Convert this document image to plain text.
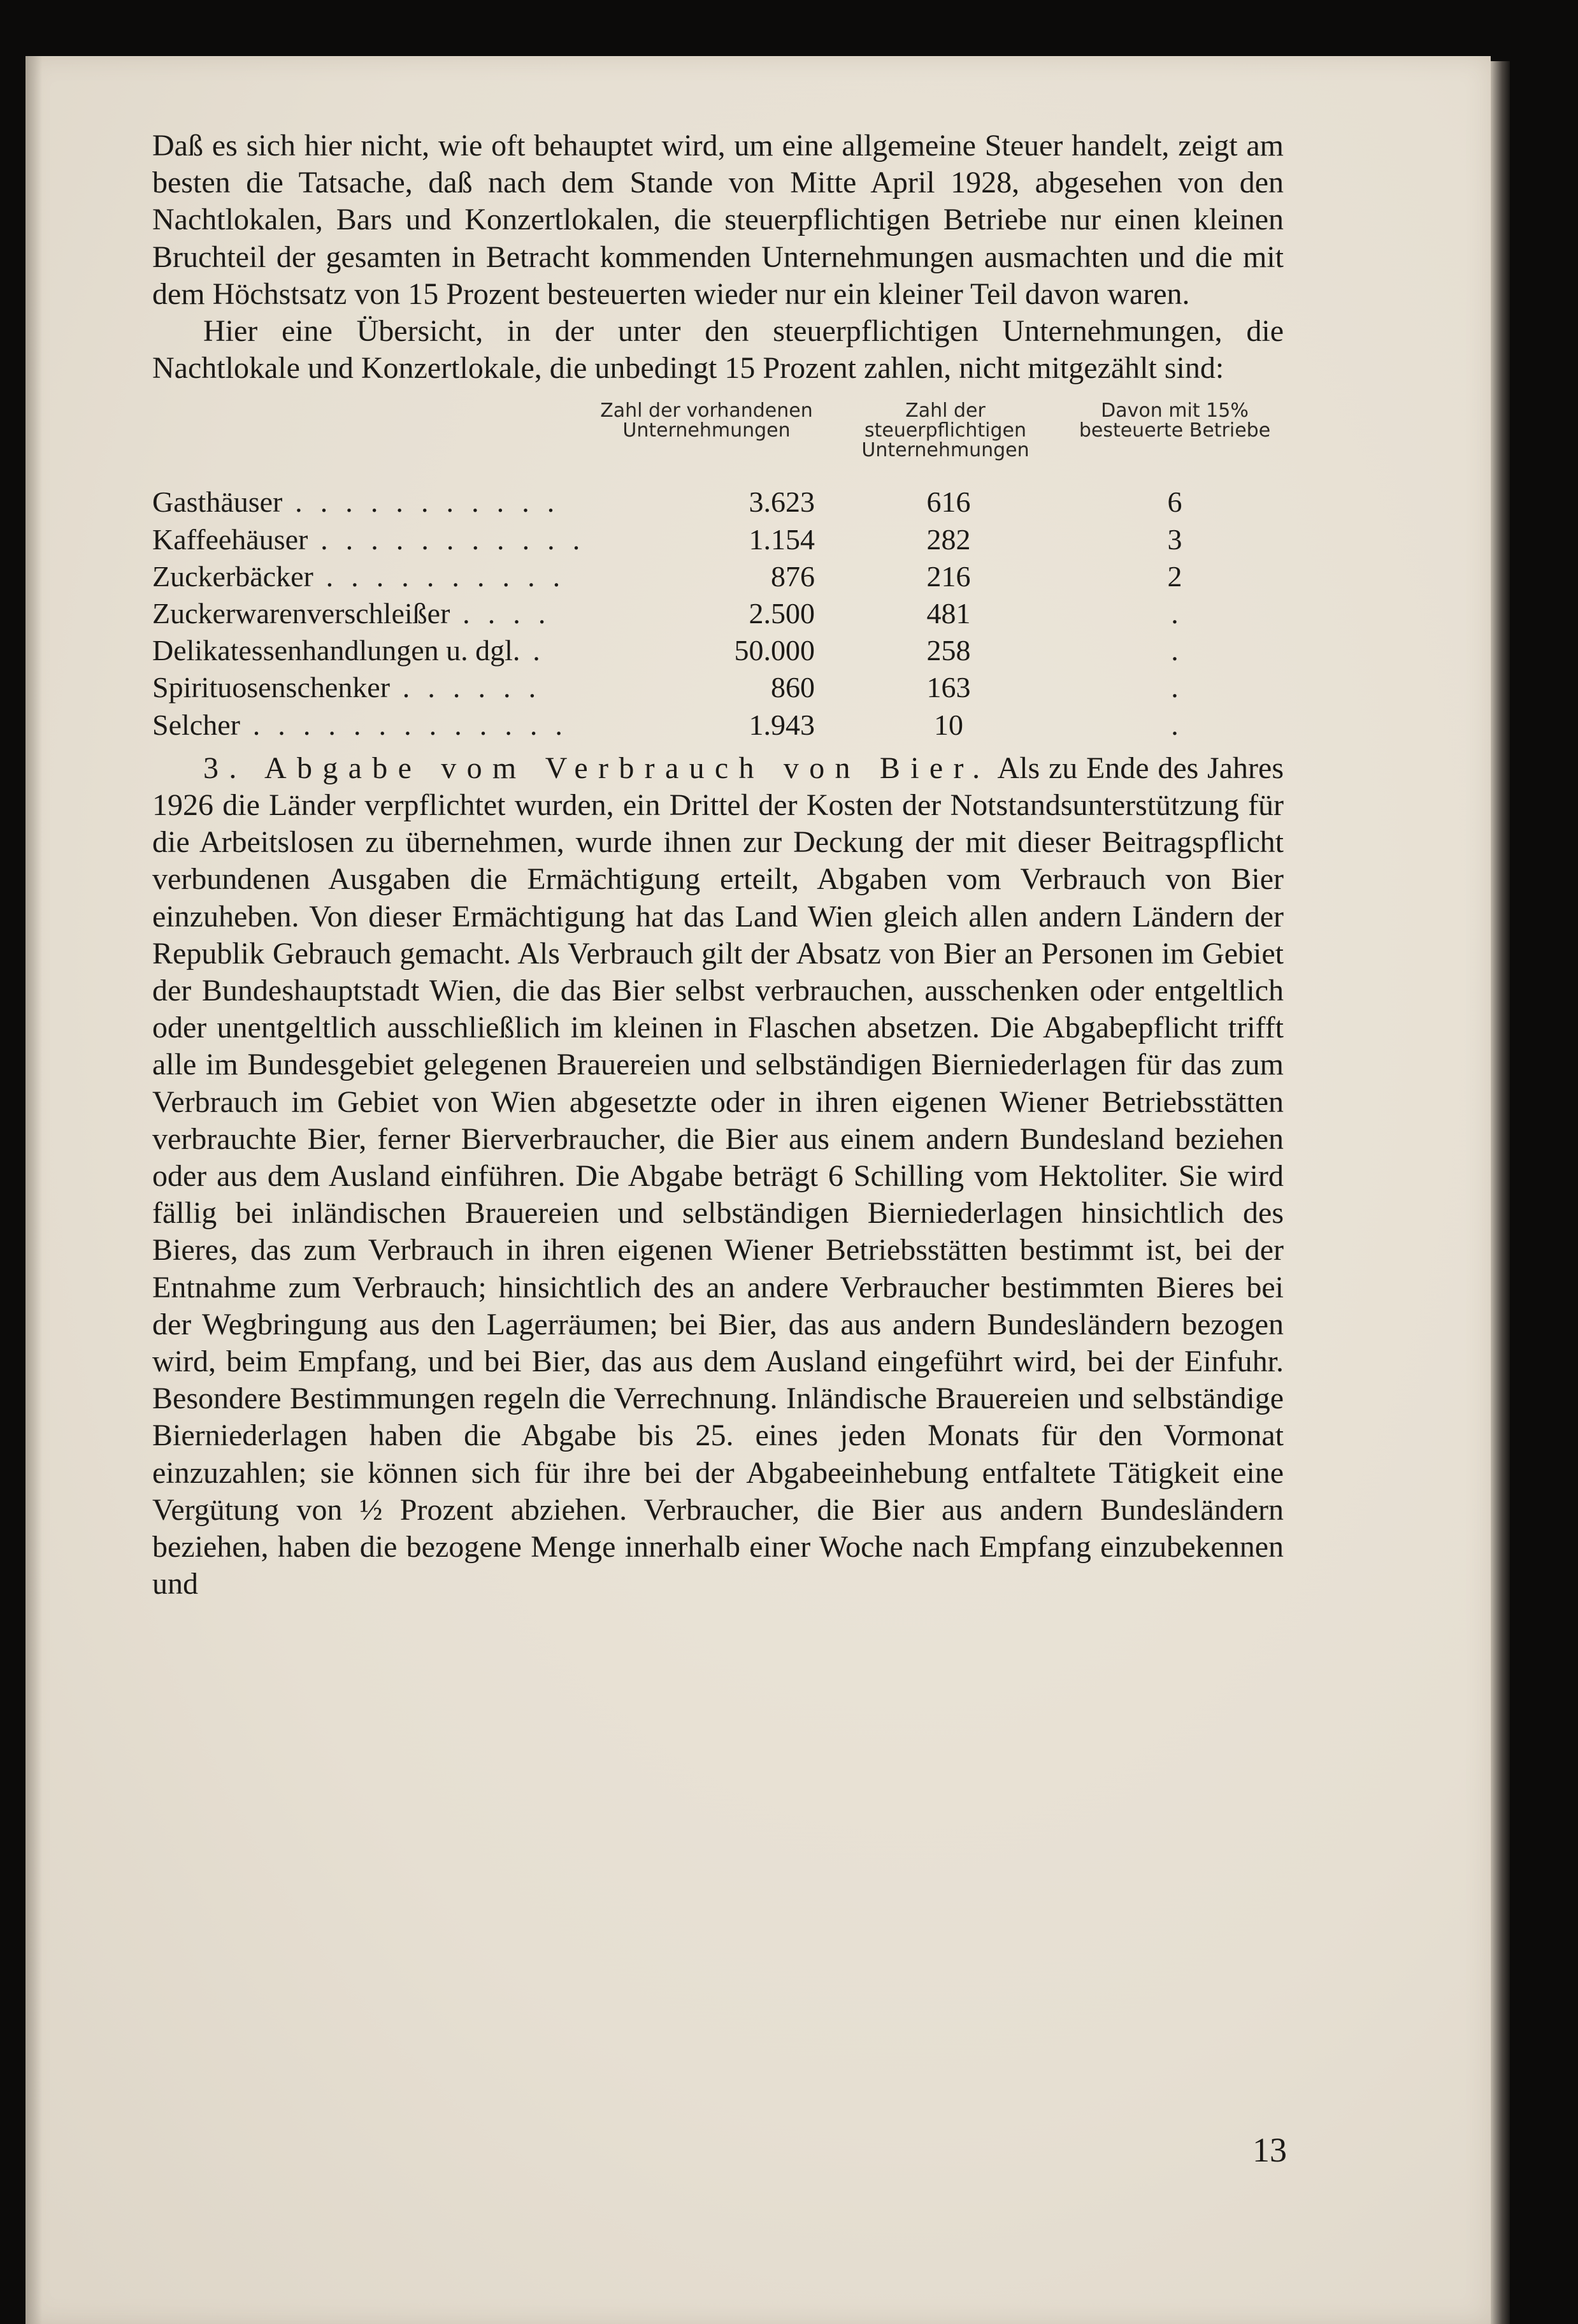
Daß es sich hier nicht, wie oft behauptet wird, um eine allgemeine Steuer handelt, zeigt am besten die Tatsache, daß nach dem Stande von Mitte April 1928, abgesehen von den Nachtlokalen, Bars und Konzertlokalen, die steuerpflichtigen Betriebe nur einen kleinen Bruchteil der gesamten in Betracht kommenden Unternehmungen ausmachten und die mit dem Höchstsatz von 15 Prozent besteuerten wieder nur ein kleiner Teil davon waren.

Hier eine Übersicht, in der unter den steuerpflichtigen Unternehmungen, die Nachtlokale und Konzertlokale, die unbedingt 15 Prozent zahlen, nicht mitgezählt sind:

Zahl der vorhandenen Unternehmungen
Zahl der steuerpflichtigen Unternehmungen
Davon mit 15% besteuerte Betriebe
Gasthäuser . . . . . . . . . . .	3.623	616	6
Kaffeehäuser . . . . . . . . . . .	1.154	282	3
Zuckerbäcker . . . . . . . . . .	876	216	2
Zuckerwarenverschleißer . . . .	2.500	481	.
Delikatessenhandlungen u. dgl. .	50.000	258	.
Spirituosenschenker . . . . . .	860	163	.
Selcher . . . . . . . . . . . . .	1.943	10	.

3. Abgabe vom Verbrauch von Bier. Als zu Ende des Jahres 1926 die Länder verpflichtet wurden, ein Drittel der Kosten der Notstandsunterstützung für die Arbeitslosen zu übernehmen, wurde ihnen zur Deckung der mit dieser Beitragspflicht verbundenen Ausgaben die Ermächtigung erteilt, Abgaben vom Verbrauch von Bier einzuheben. Von dieser Ermächtigung hat das Land Wien gleich allen andern Ländern der Republik Gebrauch gemacht. Als Verbrauch gilt der Absatz von Bier an Personen im Gebiet der Bundeshauptstadt Wien, die das Bier selbst verbrauchen, ausschenken oder entgeltlich oder unentgeltlich ausschließlich im kleinen in Flaschen absetzen. Die Abgabepflicht trifft alle im Bundesgebiet gelegenen Brauereien und selbständigen Bierniederlagen für das zum Verbrauch im Gebiet von Wien abgesetzte oder in ihren eigenen Wiener Betriebsstätten verbrauchte Bier, ferner Bierverbraucher, die Bier aus einem andern Bundesland beziehen oder aus dem Ausland einführen. Die Abgabe beträgt 6 Schilling vom Hektoliter. Sie wird fällig bei inländischen Brauereien und selbständigen Bierniederlagen hinsichtlich des Bieres, das zum Verbrauch in ihren eigenen Wiener Betriebsstätten bestimmt ist, bei der Entnahme zum Verbrauch; hinsichtlich des an andere Verbraucher bestimmten Bieres bei der Wegbringung aus den Lagerräumen; bei Bier, das aus andern Bundesländern bezogen wird, beim Empfang, und bei Bier, das aus dem Ausland eingeführt wird, bei der Einfuhr. Besondere Bestimmungen regeln die Verrechnung. Inländische Brauereien und selbständige Bierniederlagen haben die Abgabe bis 25. eines jeden Monats für den Vormonat einzuzahlen; sie können sich für ihre bei der Abgabeeinhebung entfaltete Tätigkeit eine Vergütung von ½ Prozent abziehen. Verbraucher, die Bier aus andern Bundesländern beziehen, haben die bezogene Menge innerhalb einer Woche nach Empfang einzubekennen und

13
